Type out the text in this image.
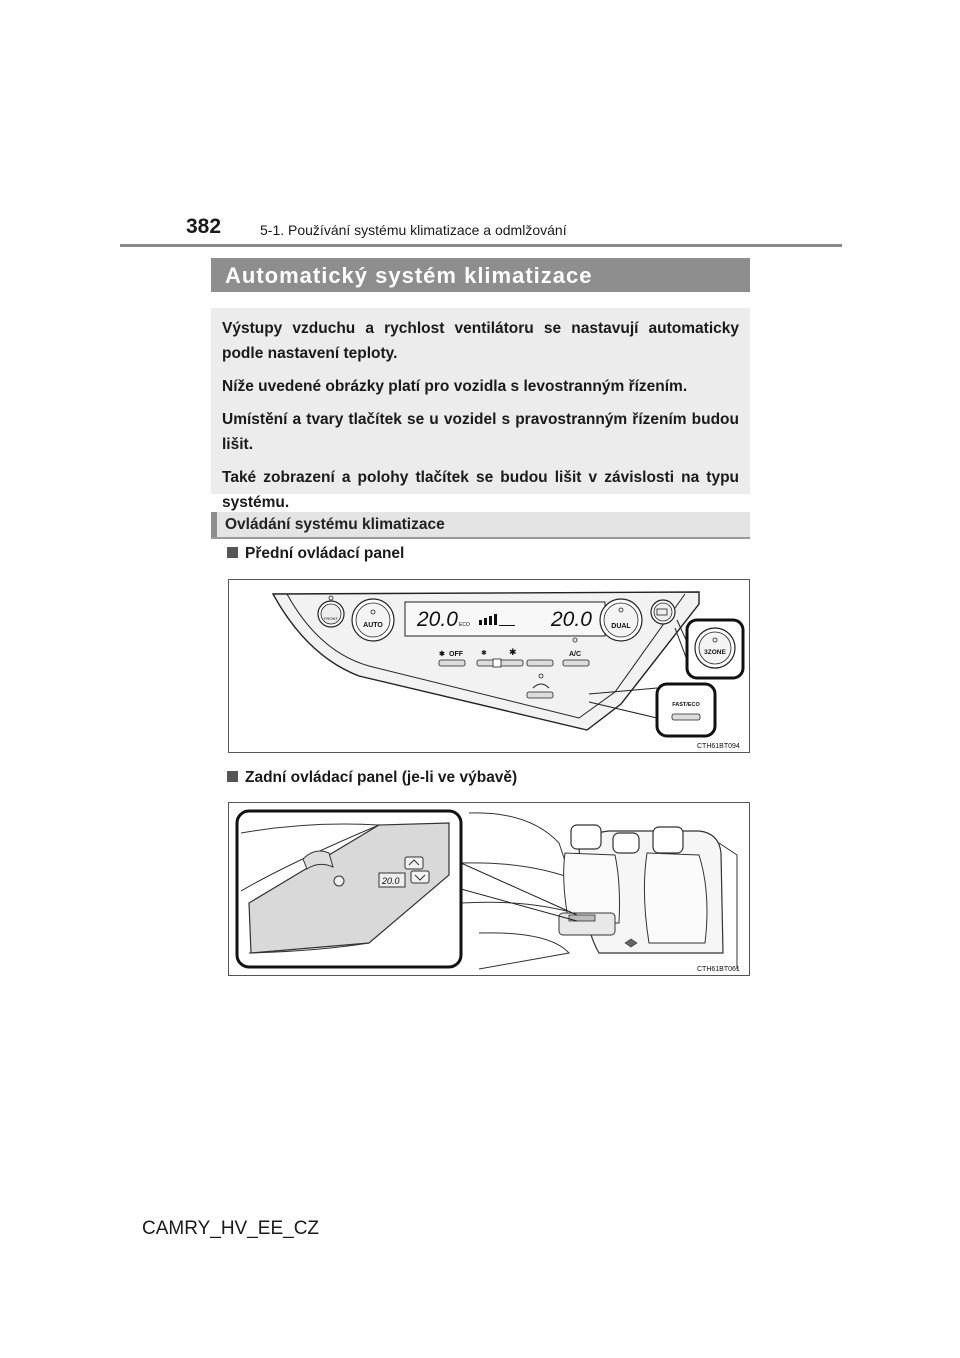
382	5-1. Používání systému klimatizace a odmlžování
Automatický systém klimatizace

Výstupy vzduchu a rychlost ventilátoru se nastavují automaticky podle nastavení teploty.

Níže uvedené obrázky platí pro vozidla s levostranným řízením.

Umístění a tvary tlačítek se u vozidel s pravostranným řízením budou lišit.

Také zobrazení a polohy tlačítek se budou lišit v závislosti na typu systému.

Ovládání systému klimatizace
Přední ovládací panel
20.0 ECO	20.0
FRONT
AUTO	DUAL
✱ OFF	✱ ✱	A/C	3ZONE
FAST/ECO
CTH61BT094
Zadní ovládací panel (je-li ve výbavě)
20.0
CTH61BT061
CAMRY_HV_EE_CZ
